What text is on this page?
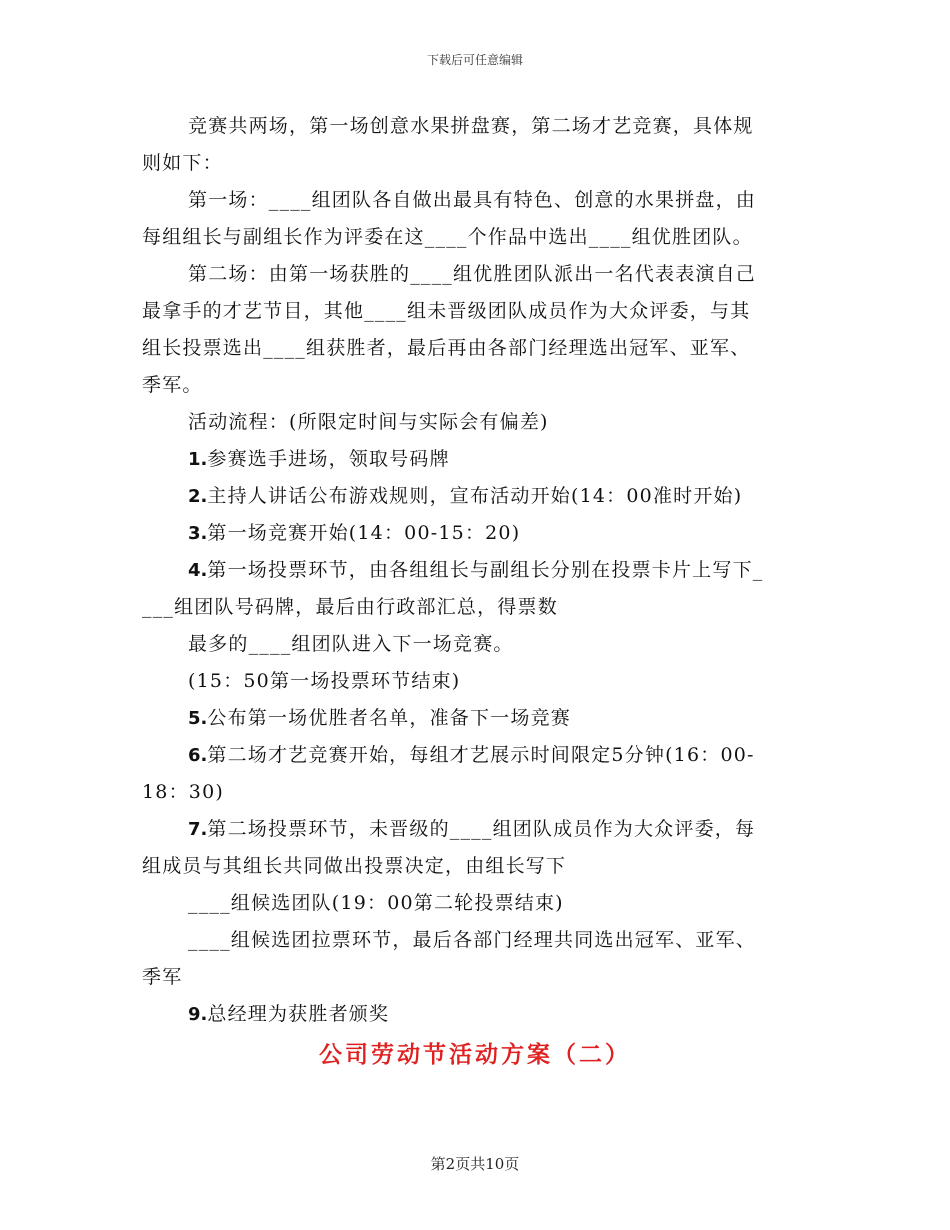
下载后可任意编辑
竞赛共两场，第一场创意水果拼盘赛，第二场才艺竞赛，具体规
则如下：
第一场：____组团队各自做出最具有特色、创意的水果拼盘，由
每组组长与副组长作为评委在这____个作品中选出____组优胜团队。
第二场：由第一场获胜的____组优胜团队派出一名代表表演自己
最拿手的才艺节目，其他____组未晋级团队成员作为大众评委，与其
组长投票选出____组获胜者，最后再由各部门经理选出冠军、亚军、
季军。
活动流程：(所限定时间与实际会有偏差)
1.参赛选手进场，领取号码牌
2.主持人讲话公布游戏规则，宣布活动开始(14：00准时开始)
3.第一场竞赛开始(14：00-15：20)
4.第一场投票环节，由各组组长与副组长分别在投票卡片上写下_
___组团队号码牌，最后由行政部汇总，得票数
最多的____组团队进入下一场竞赛。
(15：50第一场投票环节结束)
5.公布第一场优胜者名单，准备下一场竞赛
6.第二场才艺竞赛开始，每组才艺展示时间限定5分钟(16：00-
18：30)
7.第二场投票环节，未晋级的____组团队成员作为大众评委，每
组成员与其组长共同做出投票决定，由组长写下
____组候选团队(19：00第二轮投票结束)
____组候选团拉票环节，最后各部门经理共同选出冠军、亚军、
季军
9.总经理为获胜者颁奖
公司劳动节活动方案（二）
第2页共10页
